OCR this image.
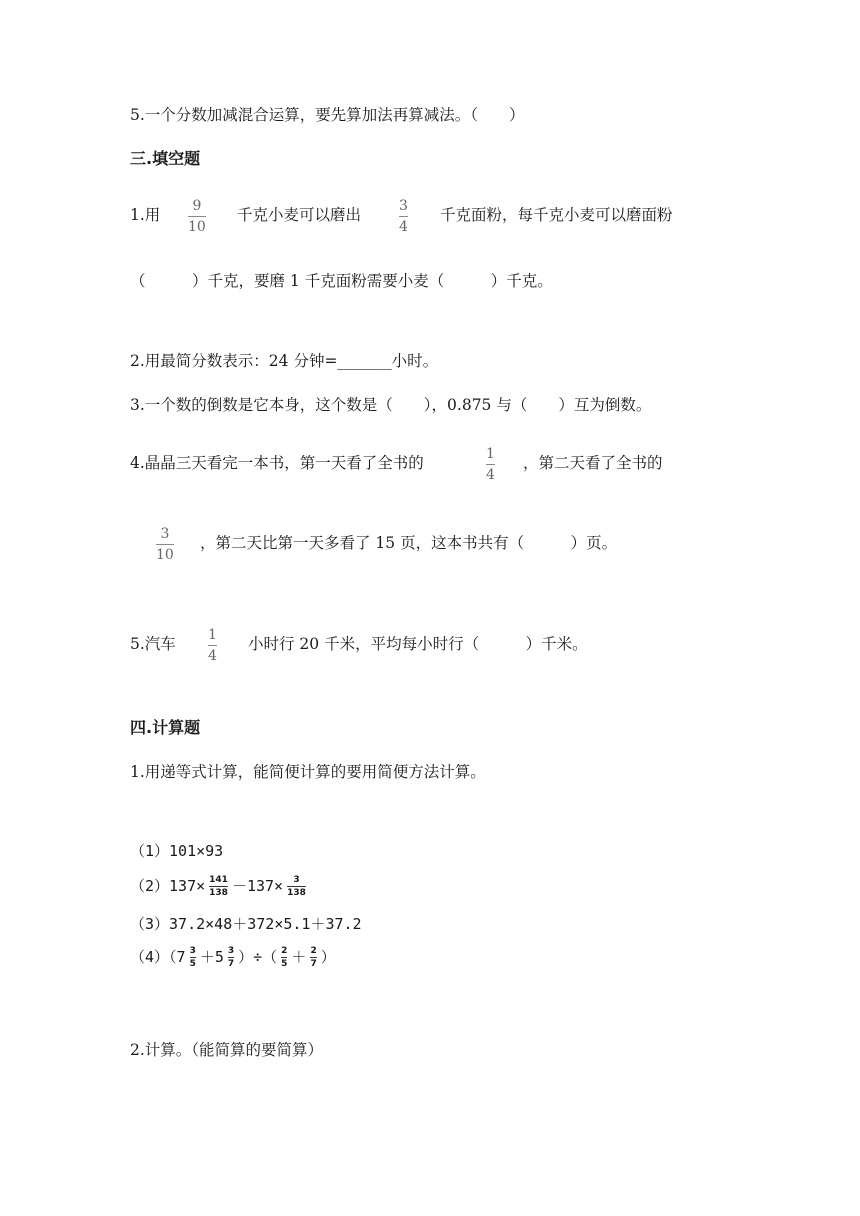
5.一个分数加减混合运算，要先算加法再算减法。（　　）
三.填空题
1.用 9
10
千克小麦可以磨出	3
4
千克面粉，每千克小麦可以磨面粉
（　　　）千克，要磨 1 千克面粉需要小麦（　　　）千克。
2.用最简分数表示：24 分钟=_______小时。
3.一个数的倒数是它本身，这个数是（　　），0.875 与（　　）互为倒数。
4.晶晶三天看完一本书，第一天看了全书的	1
4
，第二天看了全书的
3
10
，第二天比第一天多看了 15 页，这本书共有（　　　）页。
5.汽车 1
4
小时行 20 千米，平均每小时行（　　　）千米。
四.计算题
1.用递等式计算，能简便计算的要用简便方法计算。
（1）101×93
$(2)137\times \frac{141}{138} -137\times \frac{3}{138}$
（3）37.2×48＋372×5.1＋37.2
$(4)(7 \frac{3}{5} +5 \frac{3}{7}$ ）÷（ $\frac{2}{5} + \frac{2}{7}$ ）
2.计算。（能简算的要简算）
